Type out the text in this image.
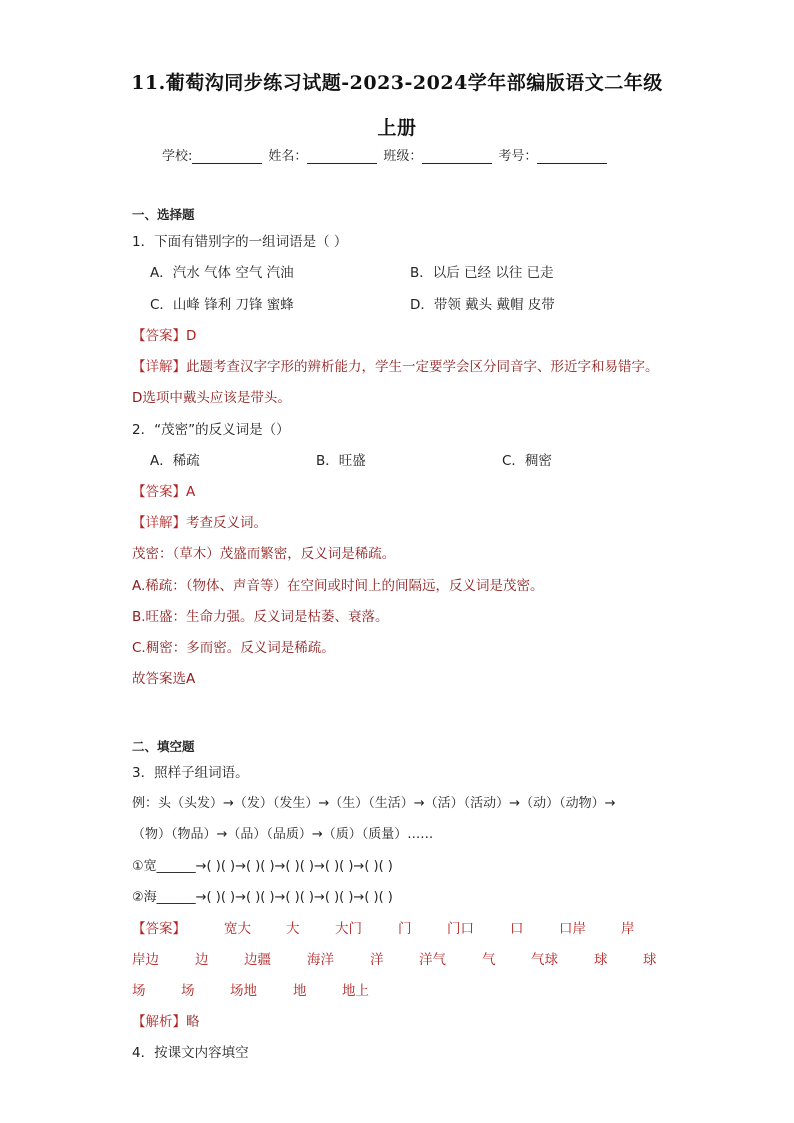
11.葡萄沟同步练习试题-2023-2024学年部编版语文二年级
上册
学校:	姓名：	班级：	考号：
一、选择题
1．下面有错别字的一组词语是（ ）
A．汽水 气体 空气 汽油	B．以后 已经 以往 已走
C．山峰 锋利 刀锋 蜜蜂	D．带领 戴头 戴帽 皮带
【答案】D
【详解】此题考查汉字字形的辨析能力，学生一定要学会区分同音字、形近字和易错字。
D选项中戴头应该是带头。
2．“茂密”的反义词是（）
A．稀疏	B．旺盛	C．稠密
【答案】A
【详解】考查反义词。
茂密：（草木）茂盛而繁密，反义词是稀疏。
A.稀疏：（物体、声音等）在空间或时间上的间隔远，反义词是茂密。
B.旺盛：生命力强。反义词是枯萎、衰落。
C.稠密：多而密。反义词是稀疏。
故答案选A
二、填空题
3．照样子组词语。
例：头（头发）→（发）（发生）→（生）（生活）→（活）（活动）→（动）（动物）→
（物）（物品）→（品）（品质）→（质）（质量）……
①宽______→( )( )→( )( )→( )( )→( )( )→( )( )
②海______→( )( )→( )( )→( )( )→( )( )→( )( )
【答案】	宽大	大	大门	门	门口	口	口岸	岸
岸边	边	边疆	海洋	洋	洋气	气	气球	球	球
场	场	场地	地	地上
【解析】略
4．按课文内容填空
